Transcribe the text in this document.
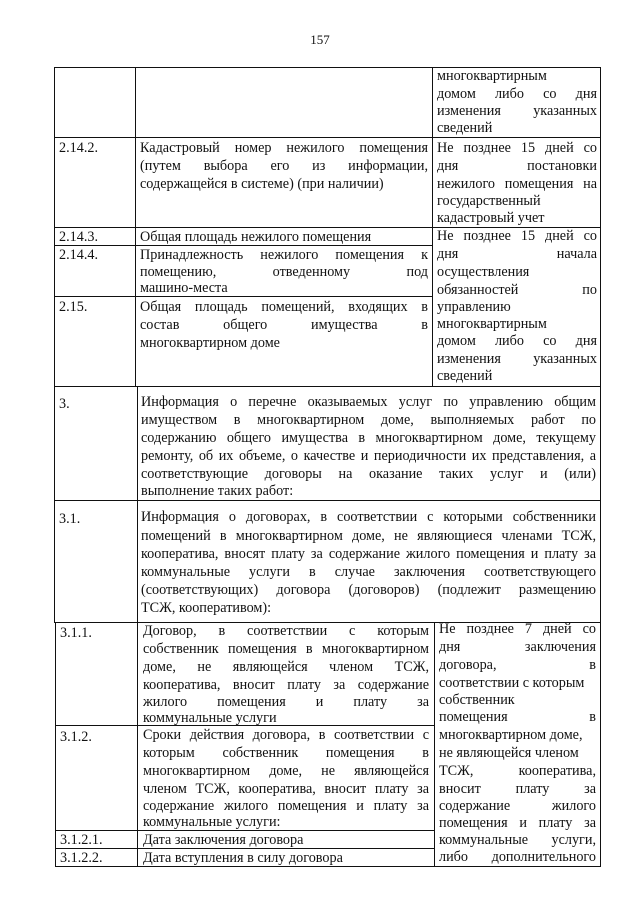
157
многоквартирным
домом либо со дня
изменения указанных
сведений
2.14.2.	Кадастровый номер нежилого помещения
(путем выбора его из информации,
содержащейся в системе) (при наличии)
Не позднее 15 дней со
дня постановки
нежилого помещения на
государственный
кадастровый учет
2.14.3.	Общая площадь нежилого помещения
2.14.4.	Принадлежность нежилого помещения к
помещению, отведенному под
машино-места
2.15.	Общая площадь помещений, входящих в
состав общего имущества в
многоквартирном доме
Не позднее 15 дней со
дня начала
осуществления
обязанностей по
управлению
многоквартирным
домом либо со дня
изменения указанных
сведений
3.	Информация о перечне оказываемых услуг по управлению общим
имуществом в многоквартирном доме, выполняемых работ по
содержанию общего имущества в многоквартирном доме, текущему
ремонту, об их объеме, о качестве и периодичности их представления, а
соответствующие договоры на оказание таких услуг и (или)
выполнение таких работ:
3.1.	Информация о договорах, в соответствии с которыми собственники
помещений в многоквартирном доме, не являющиеся членами ТСЖ,
кооператива, вносят плату за содержание жилого помещения и плату за
коммунальные услуги в случае заключения соответствующего
(соответствующих) договора (договоров) (подлежит размещению
ТСЖ, кооперативом):
3.1.1.	Договор, в соответствии с которым
собственник помещения в многоквартирном
доме, не являющейся членом ТСЖ,
кооператива, вносит плату за содержание
жилого помещения и плату за
коммунальные услуги
3.1.2.	Сроки действия договора, в соответствии с
которым собственник помещения в
многоквартирном доме, не являющейся
членом ТСЖ, кооператива, вносит плату за
содержание жилого помещения и плату за
коммунальные услуги:
3.1.2.1.	Дата заключения договора
3.1.2.2.	Дата вступления в силу договора
Не позднее 7 дней со
дня заключения
договора, в
соответствии с которым
собственник
помещения в
многоквартирном доме,
не являющейся членом
ТСЖ, кооператива,
вносит плату за
содержание жилого
помещения и плату за
коммунальные услуги,
либо дополнительного
